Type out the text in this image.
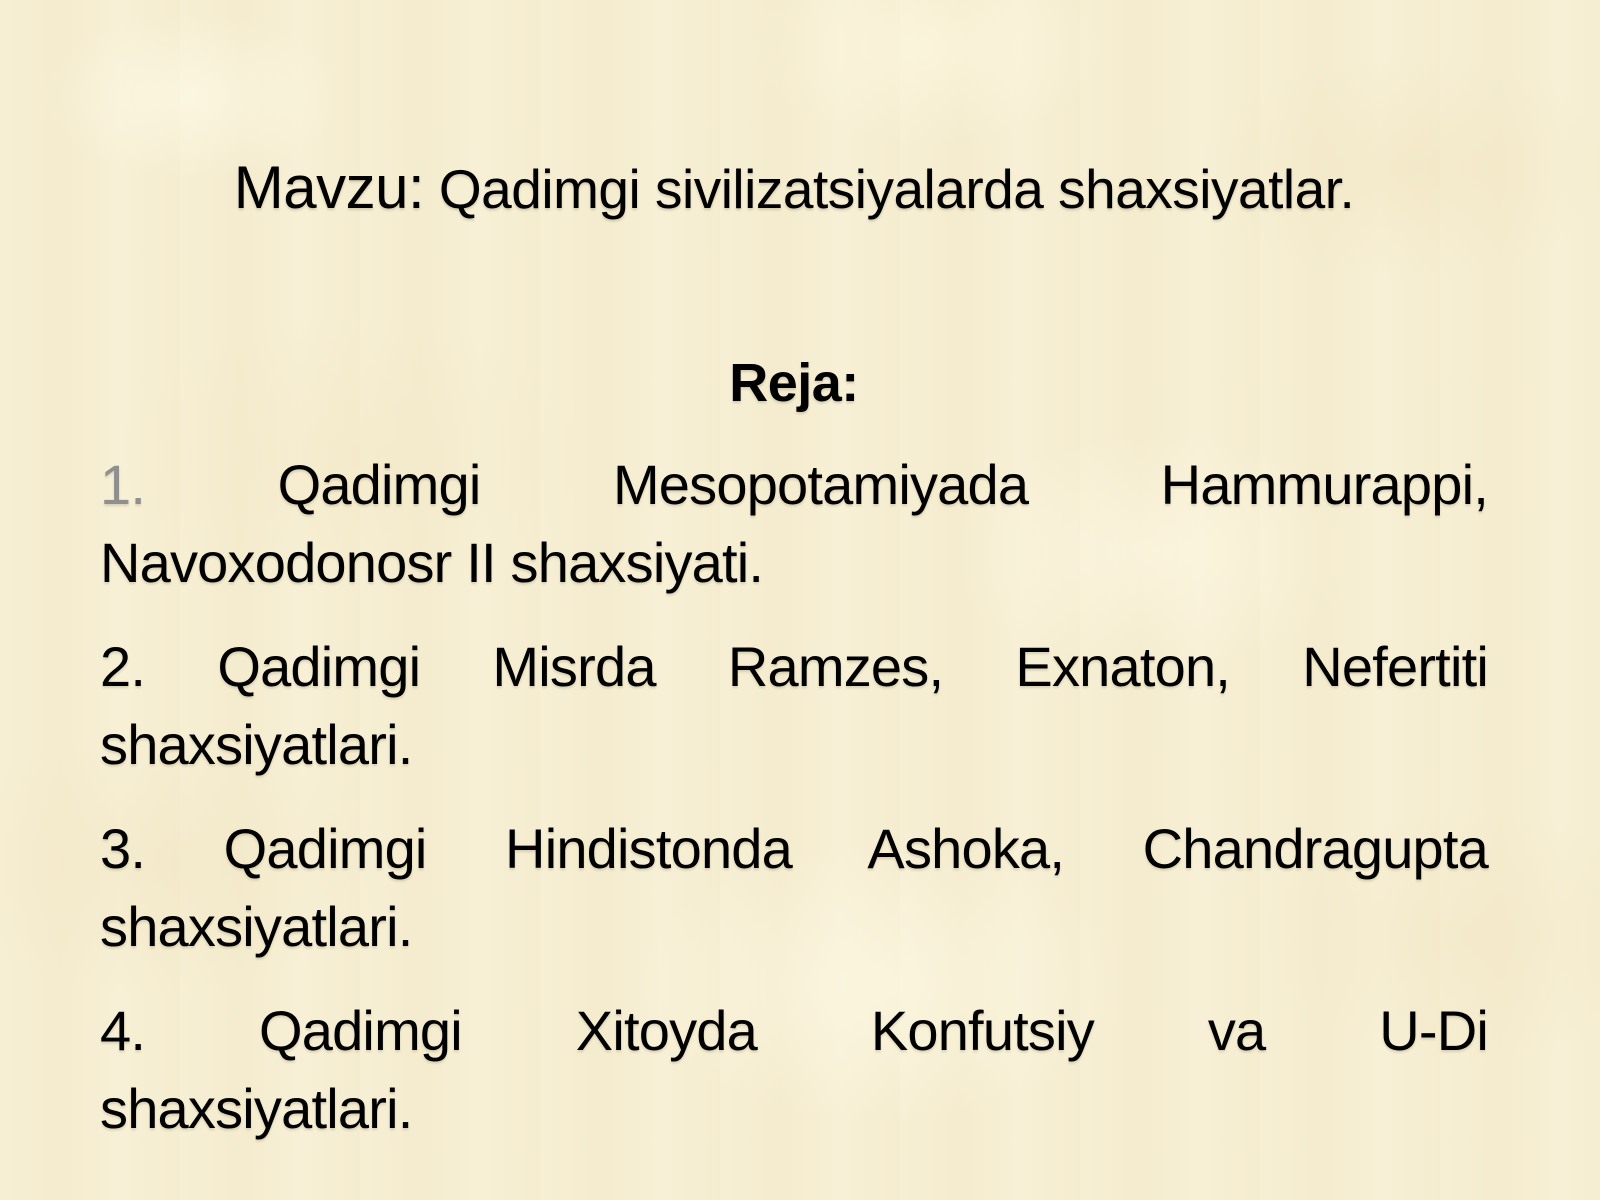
Mavzu: Qadimgi sivilizatsiyalarda shaxsiyatlar.
Reja:

1. Qadimgi Mesopotamiyada Hammurappi,
Navoxodonosr II shaxsiyati.

2. Qadimgi Misrda Ramzes, Exnaton, Nefertiti
shaxsiyatlari.

3. Qadimgi Hindistonda Ashoka, Chandragupta
shaxsiyatlari.

4. Qadimgi Xitoyda Konfutsiy va U-Di
shaxsiyatlari.
